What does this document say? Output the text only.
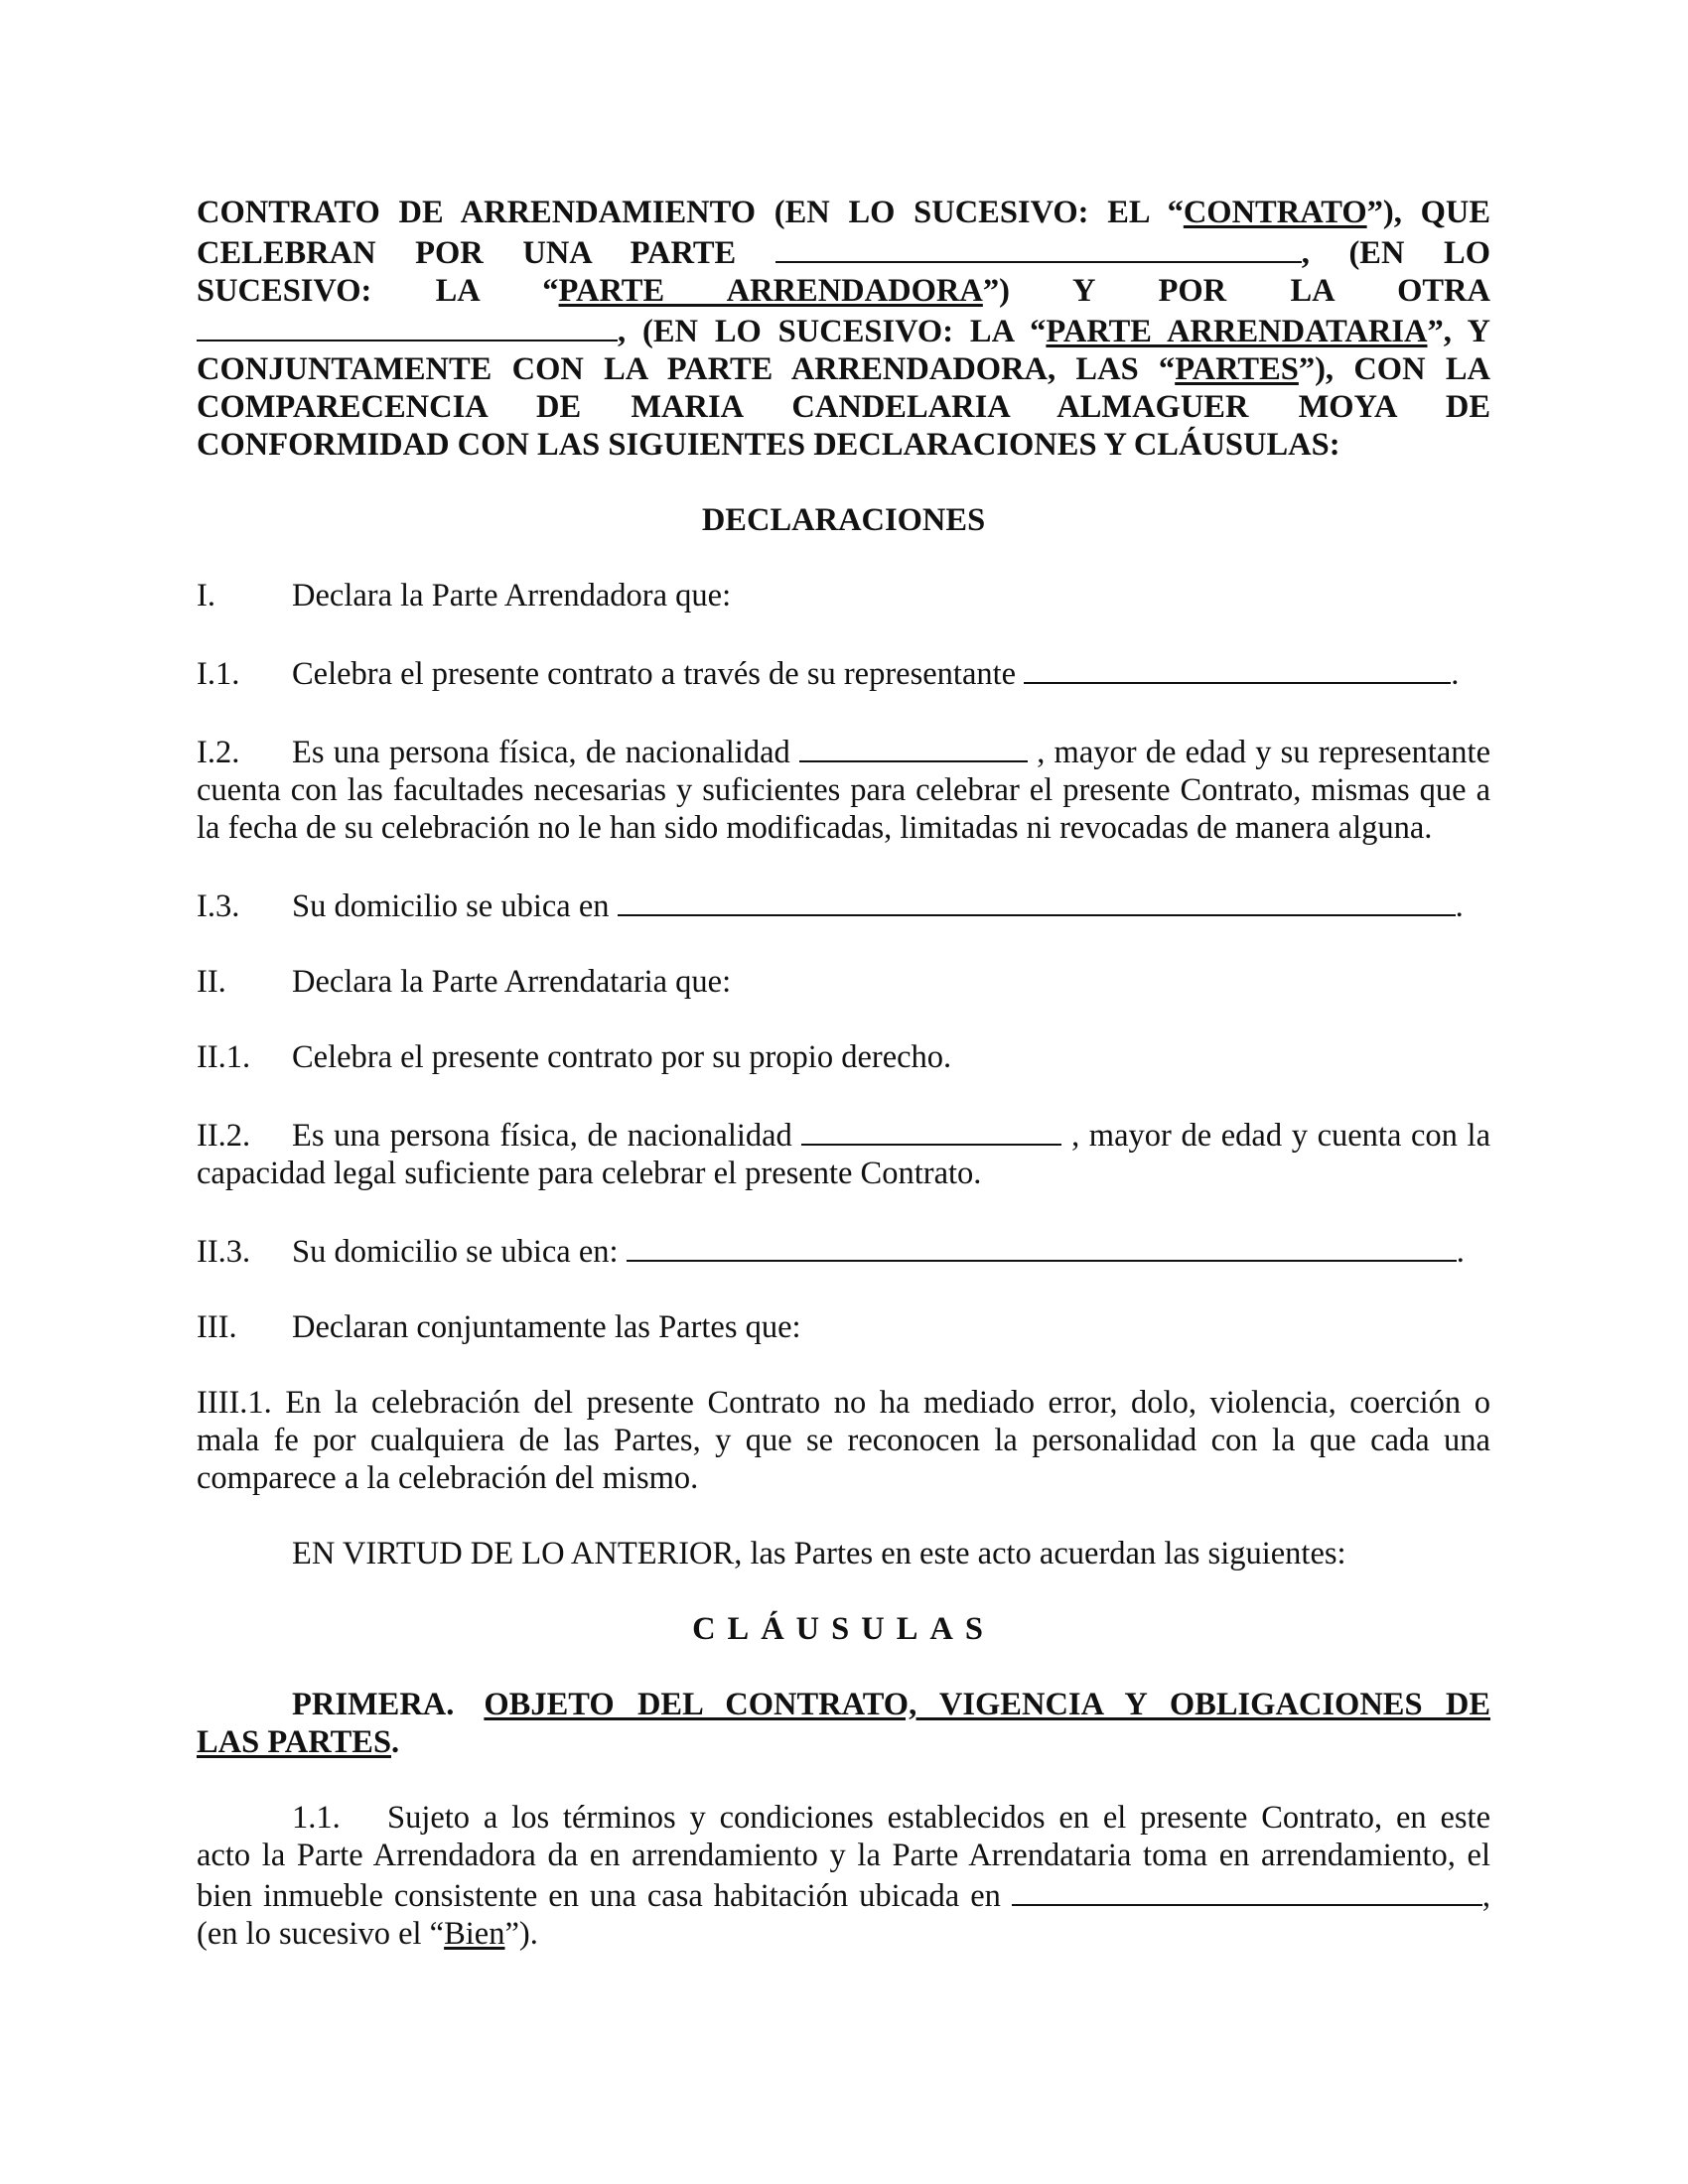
CONTRATO DE ARRENDAMIENTO (EN LO SUCESIVO: EL “CONTRATO”), QUE

CELEBRAN POR UNA PARTE	, (EN LO

SUCESIVO: LA “PARTE ARRENDADORA”) Y POR LA OTRA

, (EN LO SUCESIVO: LA “PARTE ARRENDATARIA”, Y

CONJUNTAMENTE CON LA PARTE ARRENDADORA, LAS “PARTES”), CON LA

COMPARECENCIA DE MARIA CANDELARIA ALMAGUER MOYA DE

CONFORMIDAD CON LAS SIGUIENTES DECLARACIONES Y CLÁUSULAS:

DECLARACIONES

I. Declara la Parte Arrendadora que:

I.1. Celebra el presente contrato a través de su representante	.

I.2. Es una persona física, de nacionalidad	, mayor de edad y su representante

cuenta con las facultades necesarias y suficientes para celebrar el presente Contrato, mismas que a

la fecha de su celebración no le han sido modificadas, limitadas ni revocadas de manera alguna.

I.3. Su domicilio se ubica en	.

II. Declara la Parte Arrendataria que:

II.1. Celebra el presente contrato por su propio derecho.

II.2. Es una persona física, de nacionalidad	, mayor de edad y cuenta con la

capacidad legal suficiente para celebrar el presente Contrato.

II.3. Su domicilio se ubica en:	.

III. Declaran conjuntamente las Partes que:

IIII.1. En la celebración del presente Contrato no ha mediado error, dolo, violencia, coerción o

mala fe por cualquiera de las Partes, y que se reconocen la personalidad con la que cada una

comparece a la celebración del mismo.

EN VIRTUD DE LO ANTERIOR, las Partes en este acto acuerdan las siguientes:

CLÁUSULAS

PRIMERA. OBJETO DEL CONTRATO, VIGENCIA Y OBLIGACIONES DE

LAS PARTES.

1.1. Sujeto a los términos y condiciones establecidos en el presente Contrato, en este

acto la Parte Arrendadora da en arrendamiento y la Parte Arrendataria toma en arrendamiento, el

bien inmueble consistente en una casa habitación ubicada en	,

(en lo sucesivo el “Bien”).
